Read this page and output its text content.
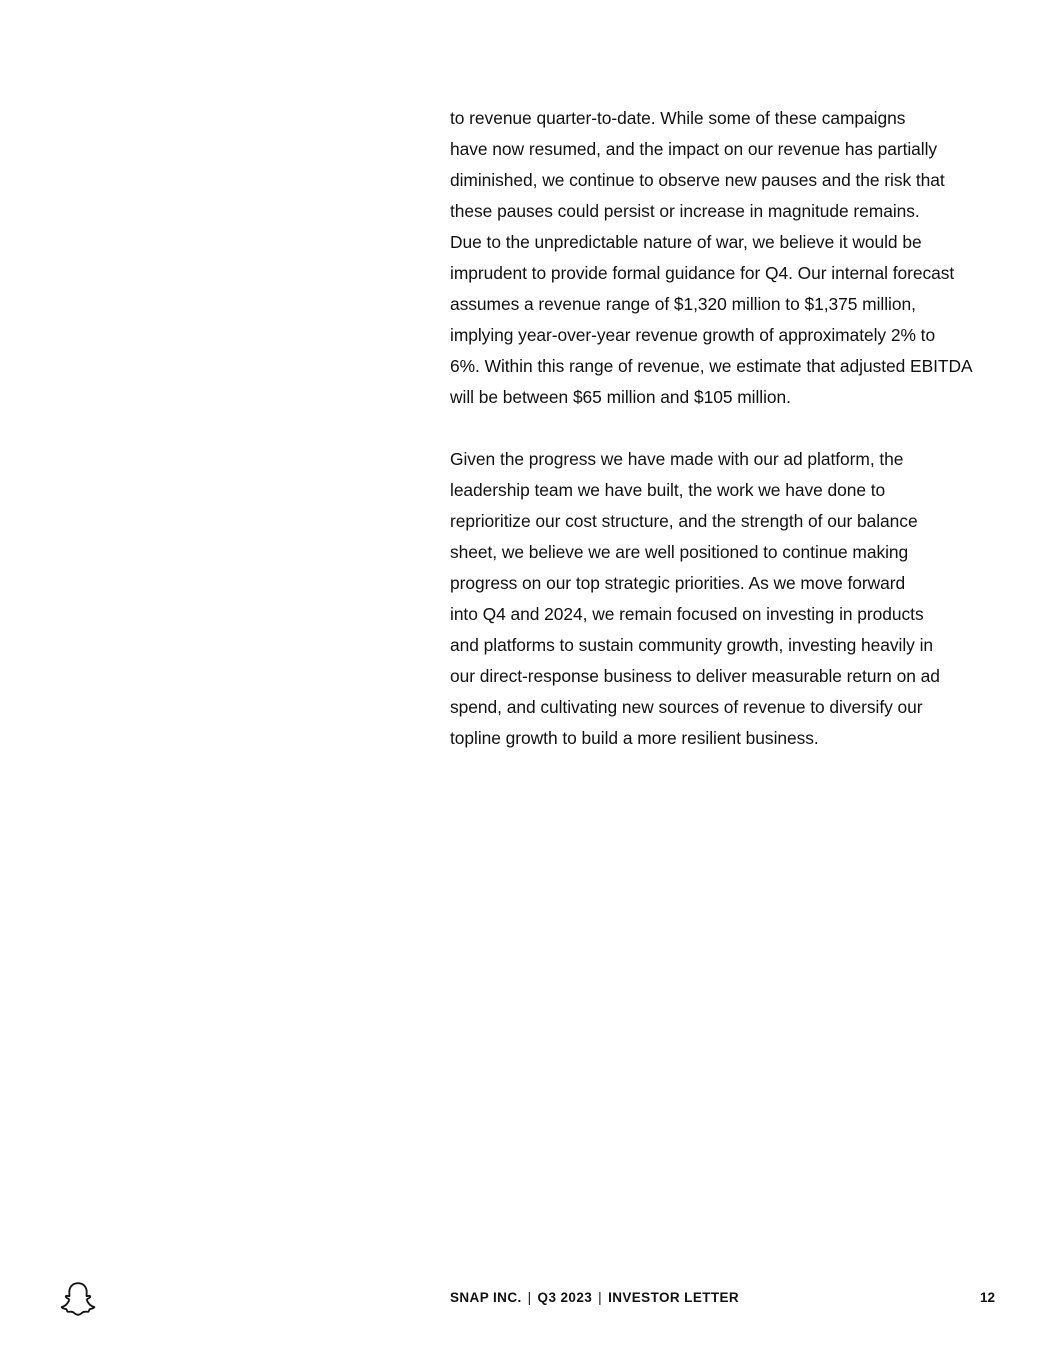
to revenue quarter-to-date. While some of these campaigns
have now resumed, and the impact on our revenue has partially
diminished, we continue to observe new pauses and the risk that
these pauses could persist or increase in magnitude remains.
Due to the unpredictable nature of war, we believe it would be
imprudent to provide formal guidance for Q4. Our internal forecast
assumes a revenue range of $1,320 million to $1,375 million,
implying year-over-year revenue growth of approximately 2% to
6%. Within this range of revenue, we estimate that adjusted EBITDA
will be between $65 million and $105 million.
Given the progress we have made with our ad platform, the
leadership team we have built, the work we have done to
reprioritize our cost structure, and the strength of our balance
sheet, we believe we are well positioned to continue making
progress on our top strategic priorities. As we move forward
into Q4 and 2024, we remain focused on investing in products
and platforms to sustain community growth, investing heavily in
our direct-response business to deliver measurable return on ad
spend, and cultivating new sources of revenue to diversify our
topline growth to build a more resilient business.
SNAP INC. | Q3 2023 | INVESTOR LETTER	12
